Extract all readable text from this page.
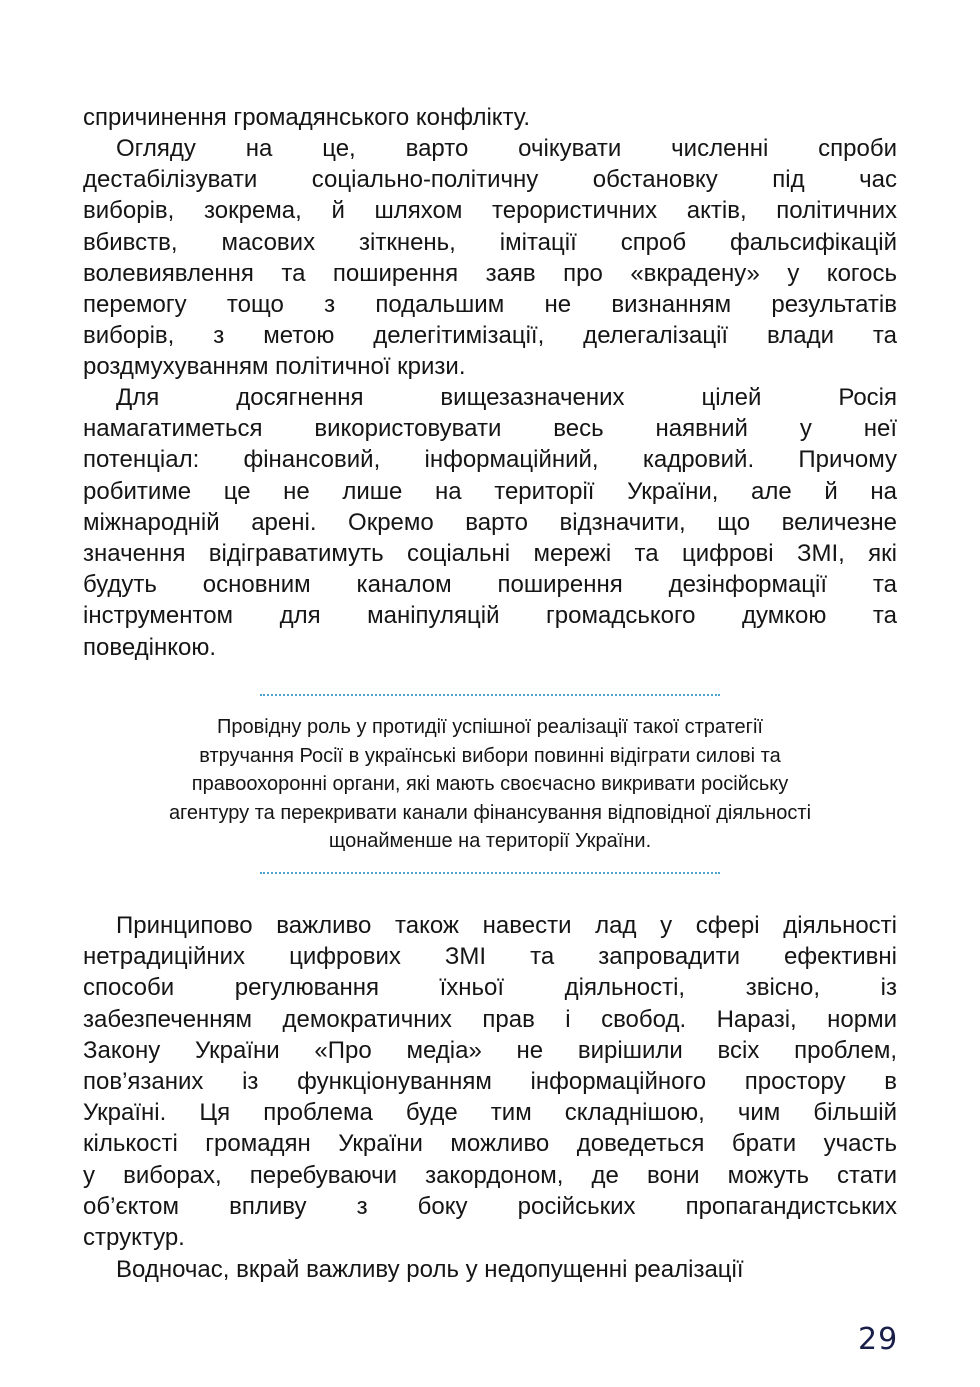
спричинення громадянського конфлікту.
Огляду на це, варто очікувати численні спроби
дестабілізувати соціально-політичну обстановку під час
виборів, зокрема, й шляхом терористичних актів, політичних
вбивств, масових зіткнень, імітації спроб фальсифікацій
волевиявлення та поширення заяв про «вкрадену» у когось
перемогу тощо з подальшим не визнанням результатів
виборів, з метою делегітимізації, делегалізації влади та
роздмухуванням політичної кризи.
Для досягнення вищезазначених цілей Росія
намагатиметься використовувати весь наявний у неї
потенціал: фінансовий, інформаційний, кадровий. Причому
робитиме це не лише на території України, але й на
міжнародній арені. Окремо варто відзначити, що величезне
значення відіграватимуть соціальні мережі та цифрові ЗМІ, які
будуть основним каналом поширення дезінформації та
інструментом для маніпуляцій громадського думкою та
поведінкою.
Провідну роль у протидії успішної реалізації такої стратегії
втручання Росії в українські вибори повинні відіграти силові та
правоохоронні органи, які мають своєчасно викривати російську
агентуру та перекривати канали фінансування відповідної діяльності
щонайменше на території України.
Принципово важливо також навести лад у сфері діяльності
нетрадиційних цифрових ЗМІ та запровадити ефективні
способи регулювання їхньої діяльності, звісно, із
забезпеченням демократичних прав і свобод. Наразі, норми
Закону України «Про медіа» не вирішили всіх проблем,
пов’язаних із функціонуванням інформаційного простору в
Україні. Ця проблема буде тим складнішою, чим більшій
кількості громадян України можливо доведеться брати участь
у виборах, перебуваючи закордоном, де вони можуть стати
об’єктом впливу з боку російських пропагандистських
структур.
Водночас, вкрай важливу роль у недопущенні реалізації
29
